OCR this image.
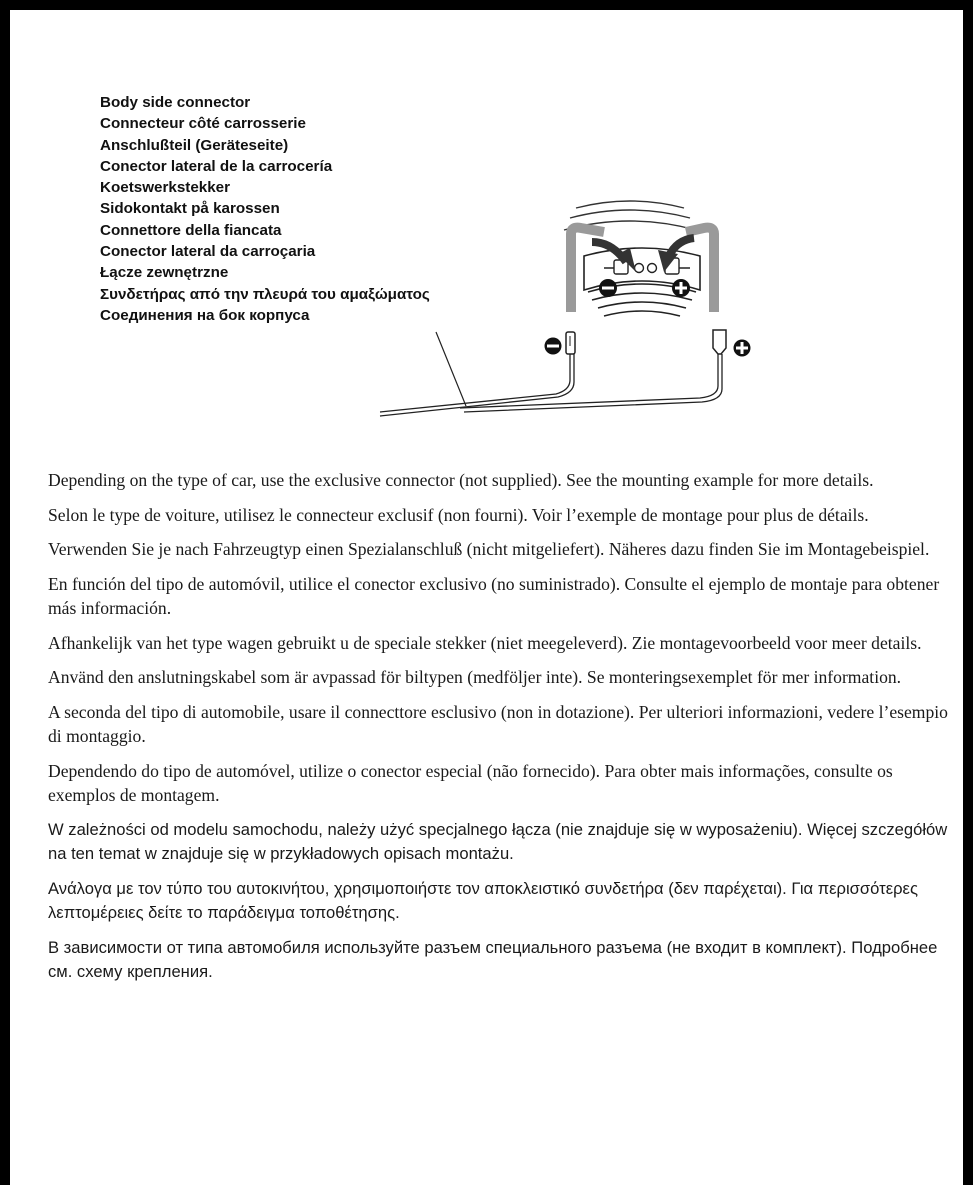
Body side connector
Connecteur côté carrosserie
Anschlußteil (Geräteseite)
Conector lateral de la carrocería
Koetswerkstekker
Sidokontakt på karossen
Connettore della fiancata
Conector lateral da carroçaria
Łącze zewnętrzne
Συνδετήρας από την πλευρά του αμαξώματος
Соединения на бок корпуса

Depending on the type of car, use the exclusive connector (not supplied). See the mounting example for more details.

Selon le type de voiture, utilisez le connecteur exclusif (non fourni). Voir l’exemple de montage pour plus de détails.

Verwenden Sie je nach Fahrzeugtyp einen Spezialanschluß (nicht mitgeliefert). Näheres dazu finden Sie im Montagebeispiel.

En función del tipo de automóvil, utilice el conector exclusivo (no suministrado). Consulte el ejemplo de montaje para obtener más información.

Afhankelijk van het type wagen gebruikt u de speciale stekker (niet meegeleverd). Zie montagevoorbeeld voor meer details.

Använd den anslutningskabel som är avpassad för biltypen (medföljer inte). Se monteringsexemplet för mer information.

A seconda del tipo di automobile, usare il connecttore esclusivo (non in dotazione). Per ulteriori informazioni, vedere l’esempio di montaggio.

Dependendo do tipo de automóvel, utilize o conector especial (não fornecido). Para obter mais informações, consulte os exemplos de montagem.

W zależności od modelu samochodu, należy użyć specjalnego łącza (nie znajduje się w wyposażeniu). Więcej szczegółów na ten temat w znajduje się w przykładowych opisach montażu.

Ανάλογα με τον τύπο του αυτοκινήτου, χρησιμοποιήστε τον αποκλειστικό συνδετήρα (δεν παρέχεται). Για περισσότερες λεπτομέρειες δείτε το παράδειγμα τοποθέτησης.

В зависимости от типа автомобиля используйте разъем специального разъема (не входит в комплект). Подробнее см. схему крепления.
